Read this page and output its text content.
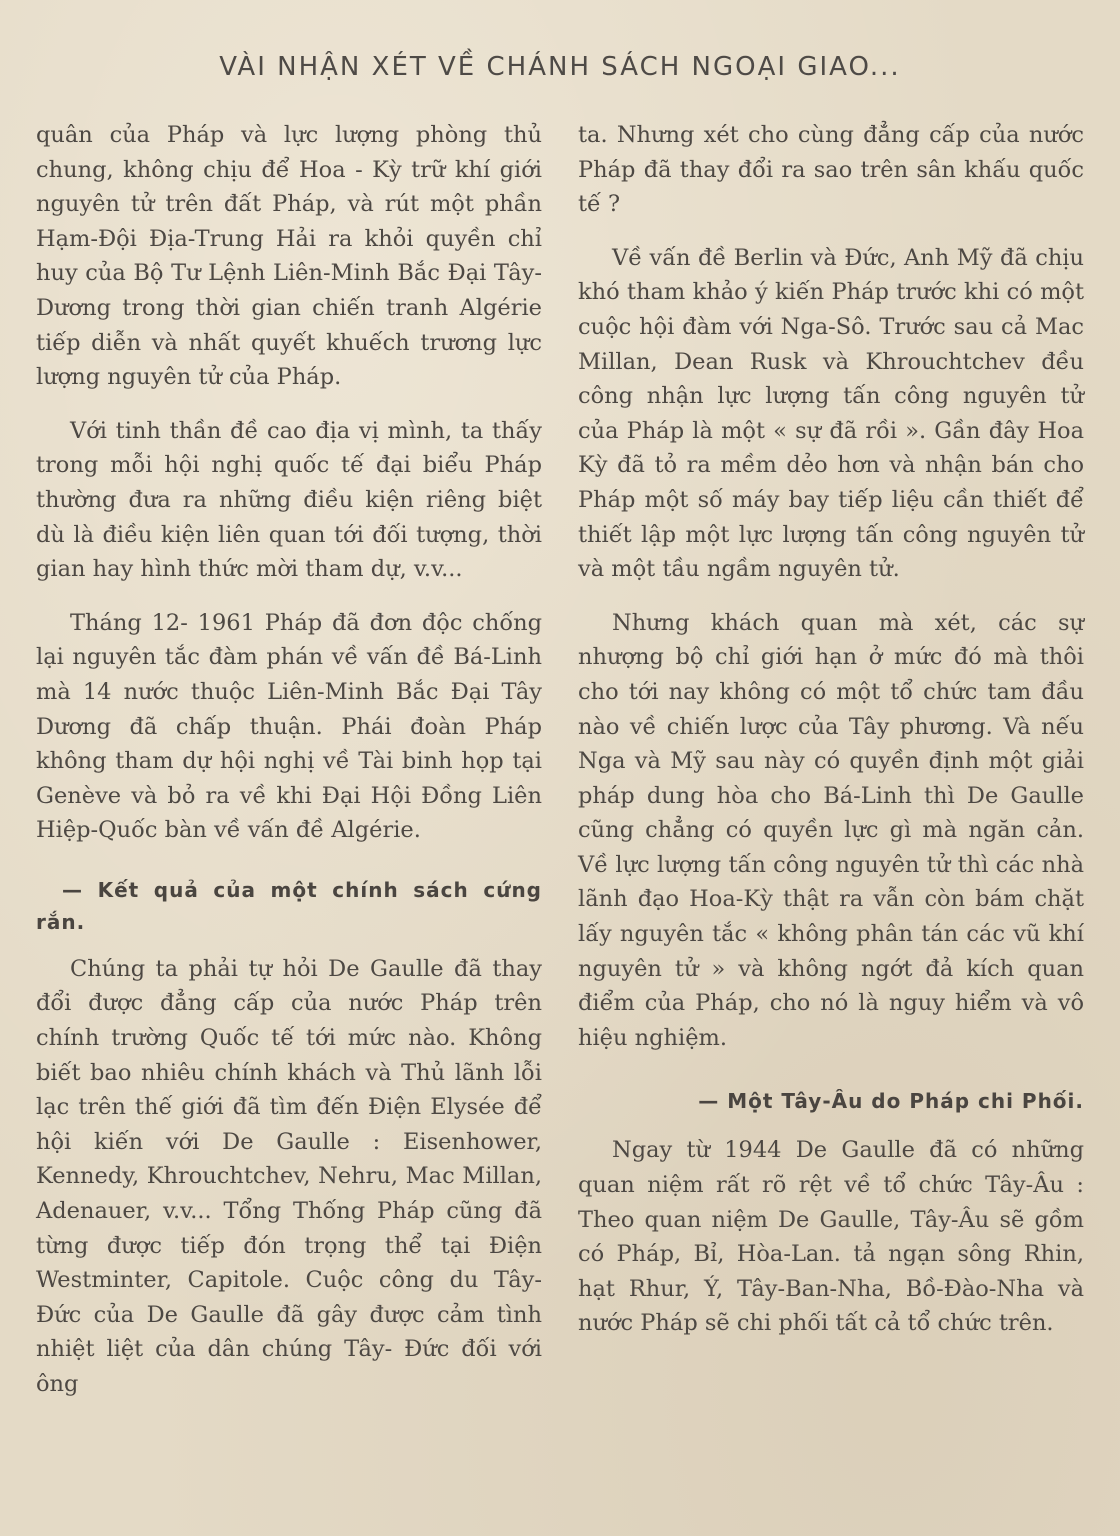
VÀI NHẬN XÉT VỀ CHÁNH SÁCH NGOẠI GIAO...

quân của Pháp và lực lượng phòng thủ chung, không chịu để Hoa - Kỳ trữ khí giới nguyên tử trên đất Pháp, và rút một phần Hạm-Đội Địa-Trung Hải ra khỏi quyền chỉ huy của Bộ Tư Lệnh Liên-Minh Bắc Đại Tây-Dương trong thời gian chiến tranh Algérie tiếp diễn và nhất quyết khuếch trương lực lượng nguyên tử của Pháp.

Với tinh thần đề cao địa vị mình, ta thấy trong mỗi hội nghị quốc tế đại biểu Pháp thường đưa ra những điều kiện riêng biệt dù là điều kiện liên quan tới đối tượng, thời gian hay hình thức mời tham dự, v.v...

Tháng 12- 1961 Pháp đã đơn độc chống lại nguyên tắc đàm phán về vấn đề Bá-Linh mà 14 nước thuộc Liên-Minh Bắc Đại Tây Dương đã chấp thuận. Phái đoàn Pháp không tham dự hội nghị về Tài binh họp tại Genève và bỏ ra về khi Đại Hội Đồng Liên Hiệp-Quốc bàn về vấn đề Algérie.

— Kết quả của một chính sách cứng rắn.

Chúng ta phải tự hỏi De Gaulle đã thay đổi được đẳng cấp của nước Pháp trên chính trường Quốc tế tới mức nào. Không biết bao nhiêu chính khách và Thủ lãnh lỗi lạc trên thế giới đã tìm đến Điện Elysée để hội kiến với De Gaulle : Eisenhower, Kennedy, Khrouchtchev, Nehru, Mac Millan, Adenauer, v.v... Tổng Thống Pháp cũng đã từng được tiếp đón trọng thể tại Điện Westminter, Capitole. Cuộc công du Tây-Đức của De Gaulle đã gây được cảm tình nhiệt liệt của dân chúng Tây- Đức đối với ông

ta. Nhưng xét cho cùng đẳng cấp của nước Pháp đã thay đổi ra sao trên sân khấu quốc tế ?

Về vấn đề Berlin và Đức, Anh Mỹ đã chịu khó tham khảo ý kiến Pháp trước khi có một cuộc hội đàm với Nga-Sô. Trước sau cả Mac Millan, Dean Rusk và Khrouchtchev đều công nhận lực lượng tấn công nguyên tử của Pháp là một « sự đã rồi ». Gần đây Hoa Kỳ đã tỏ ra mềm dẻo hơn và nhận bán cho Pháp một số máy bay tiếp liệu cần thiết để thiết lập một lực lượng tấn công nguyên tử và một tầu ngầm nguyên tử.

Nhưng khách quan mà xét, các sự nhượng bộ chỉ giới hạn ở mức đó mà thôi cho tới nay không có một tổ chức tam đầu nào về chiến lược của Tây phương. Và nếu Nga và Mỹ sau này có quyền định một giải pháp dung hòa cho Bá-Linh thì De Gaulle cũng chẳng có quyền lực gì mà ngăn cản. Về lực lượng tấn công nguyên tử thì các nhà lãnh đạo Hoa-Kỳ thật ra vẫn còn bám chặt lấy nguyên tắc « không phân tán các vũ khí nguyên tử » và không ngớt đả kích quan điểm của Pháp, cho nó là nguy hiểm và vô hiệu nghiệm.

— Một Tây-Âu do Pháp chi Phối.

Ngay từ 1944 De Gaulle đã có những quan niệm rất rõ rệt về tổ chức Tây-Âu : Theo quan niệm De Gaulle, Tây-Âu sẽ gồm có Pháp, Bỉ, Hòa-Lan. tả ngạn sông Rhin, hạt Rhur, Ý, Tây-Ban-Nha, Bồ-Đào-Nha và nước Pháp sẽ chi phối tất cả tổ chức trên.
